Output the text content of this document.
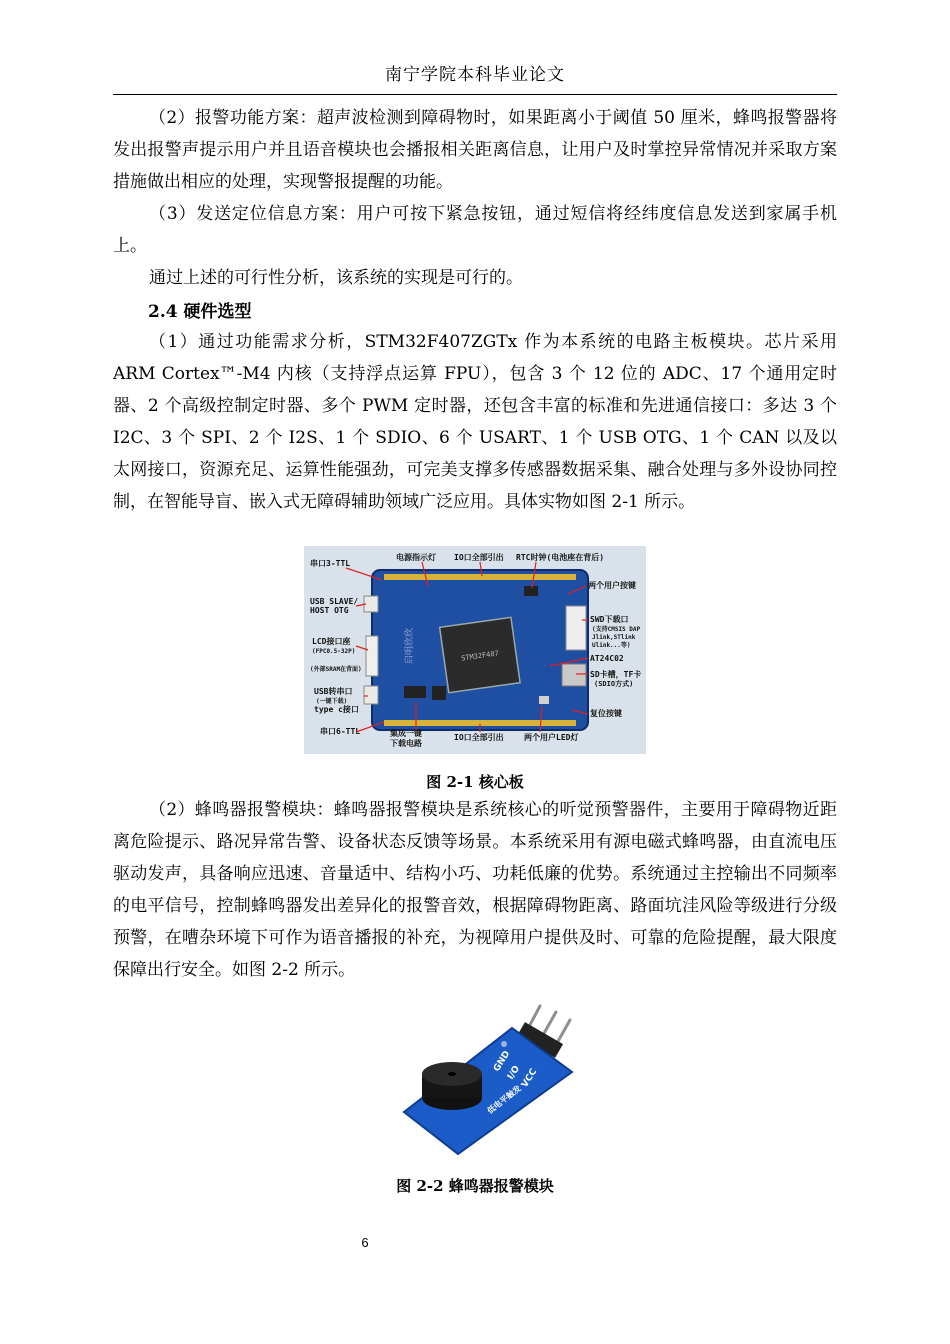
南宁学院本科毕业论文
（2）报警功能方案：超声波检测到障碍物时，如果距离小于阈值 50 厘米，蜂鸣报警器将发出报警声提示用户并且语音模块也会播报相关距离信息，让用户及时掌控异常情况并采取方案措施做出相应的处理，实现警报提醒的功能。
（3）发送定位信息方案：用户可按下紧急按钮，通过短信将经纬度信息发送到家属手机上。
通过上述的可行性分析，该系统的实现是可行的。
2.4 硬件选型
（1）通过功能需求分析，STM32F407ZGTx 作为本系统的电路主板模块。芯片采用 ARM Cortex™-M4 内核（支持浮点运算 FPU），包含 3 个 12 位的 ADC、17 个通用定时器、2 个高级控制定时器、多个 PWM 定时器，还包含丰富的标准和先进通信接口：多达 3 个 I2C、3 个 SPI、2 个 I2S、1 个 SDIO、6 个 USART、1 个 USB OTG、1 个 CAN 以及以太网接口，资源充足、运算性能强劲，可完美支撑多传感器数据采集、融合处理与多外设协同控制，在智能导盲、嵌入式无障碍辅助领域广泛应用。具体实物如图 2-1 所示。
STM32F407
启明欣欣
串口3-TTL
电源指示灯 IO口全部引出 RTC时钟(电池座在背后)
两个用户按键
USB SLAVE/
HOST OTG
SWD下载口
(支持CMSIS DAP
Jlink,STlink
Ulink...等)
LCD接口座
(FPC0.5-32P)
(外部SRAM在背面)
AT24C02
SD卡槽，TF卡
(SDIO方式)
USB转串口
(一键下载)
type c接口	复位按键
串口6-TTL	集成一键
下载电路
IO口全部引出	两个用户LED灯
图 2-1 核心板
（2）蜂鸣器报警模块：蜂鸣器报警模块是系统核心的听觉预警器件，主要用于障碍物近距离危险提示、路况异常告警、设备状态反馈等场景。本系统采用有源电磁式蜂鸣器，由直流电压驱动发声，具备响应迅速、音量适中、结构小巧、功耗低廉的优势。系统通过主控输出不同频率的电平信号，控制蜂鸣器发出差异化的报警音效，根据障碍物距离、路面坑洼风险等级进行分级预警，在嘈杂环境下可作为语音播报的补充，为视障用户提供及时、可靠的危险提醒，最大限度保障出行安全。如图 2-2 所示。
GND
I/O
VCC
低电平触发
图 2-2 蜂鸣器报警模块
6
